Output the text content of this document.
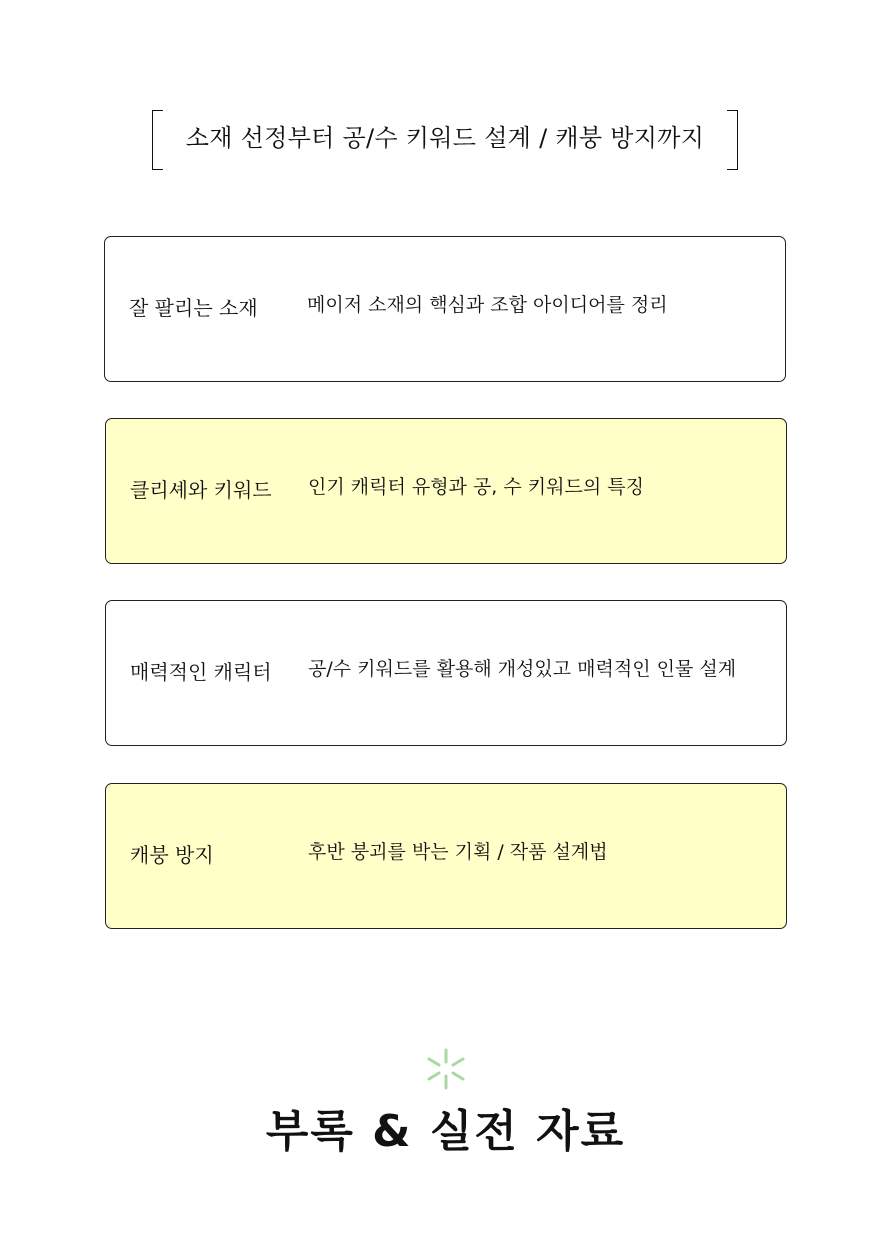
소재 선정부터 공/수 키워드 설계 / 캐붕 방지까지
잘 팔리는 소재	메이저 소재의 핵심과 조합 아이디어를 정리
클리셰와 키워드 인기 캐릭터 유형과 공, 수 키워드의 특징
매력적인 캐릭터 공/수 키워드를 활용해 개성있고 매력적인 인물 설계
캐붕 방지	후반 붕괴를 박는 기획 / 작품 설계법
부록 & 실전 자료
